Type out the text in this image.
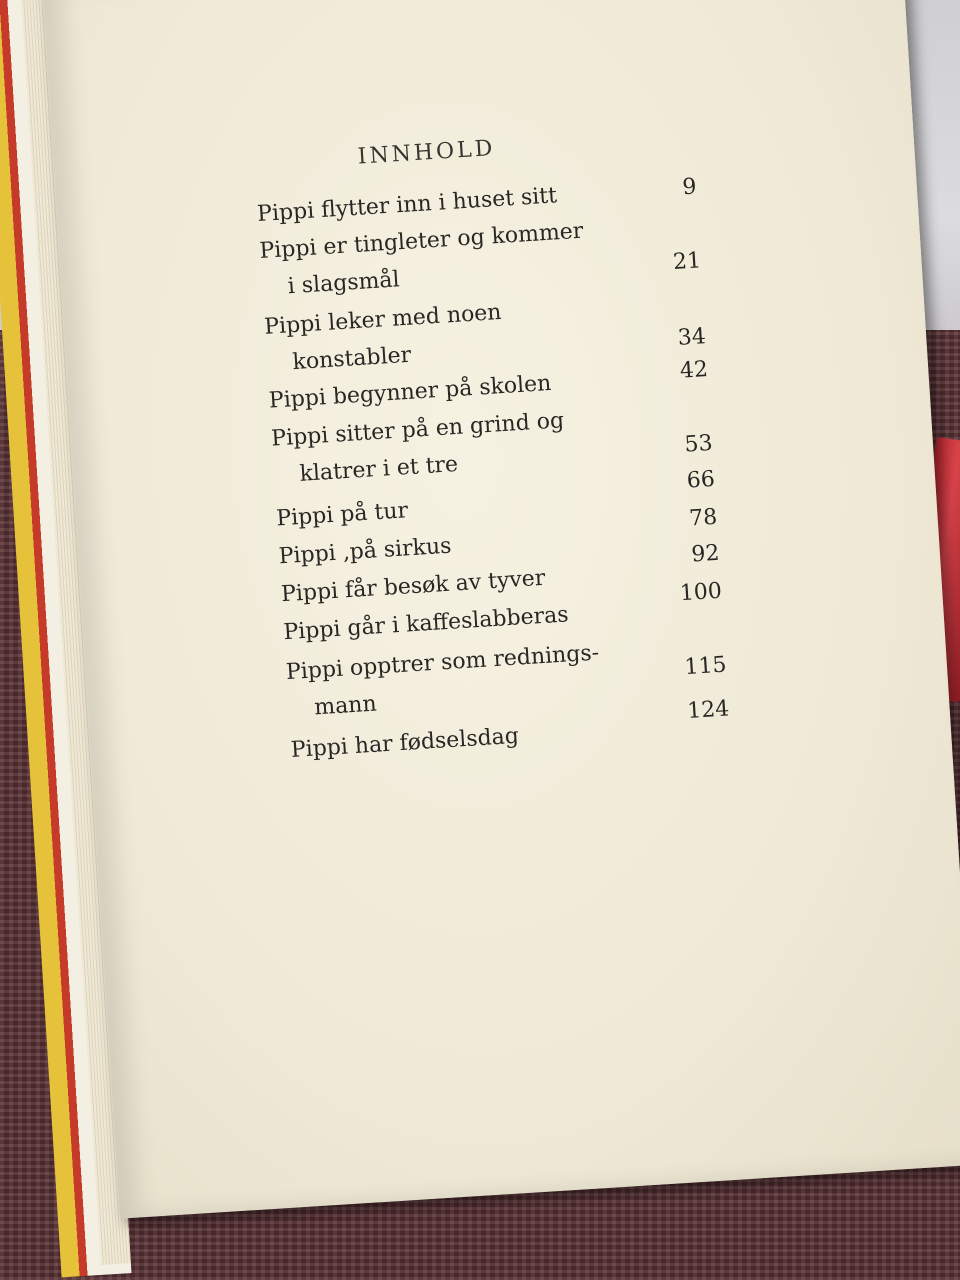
INNHOLD
Pippi flytter inn i huset sitt	9
Pippi er tingleter og kommer
i slagsmål
21
Pippi leker med noen
konstabler
34
Pippi begynner på skolen
42
Pippi sitter på en grind og
klatrer i et tre
53
Pippi på tur
66
Pippi ‚på sirkus
78
Pippi får besøk av tyver
92
Pippi går i kaffeslabberas
100
Pippi opptrer som rednings-
mann
115
Pippi har fødselsdag
124
